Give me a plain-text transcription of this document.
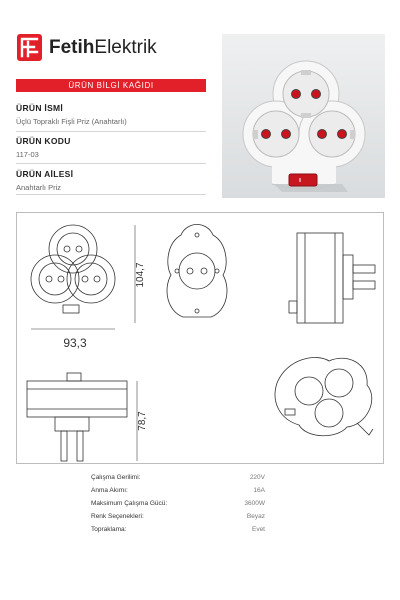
FetihElektrik
ÜRÜN BİLGİ KAĞIDI
ÜRÜN İSMİ
Üçlü Topraklı Fişli Priz (Anahtarlı)
ÜRÜN KODU
117-03
ÜRÜN AİLESİ
Anahtarlı Priz
104,7
93,3
78,7
Çalışma Gerilimi:	220V
Anma Akımı:	16A
Maksimum Çalışma Gücü:	3600W
Renk Seçenekleri:	Beyaz
Topraklama:	Evet
